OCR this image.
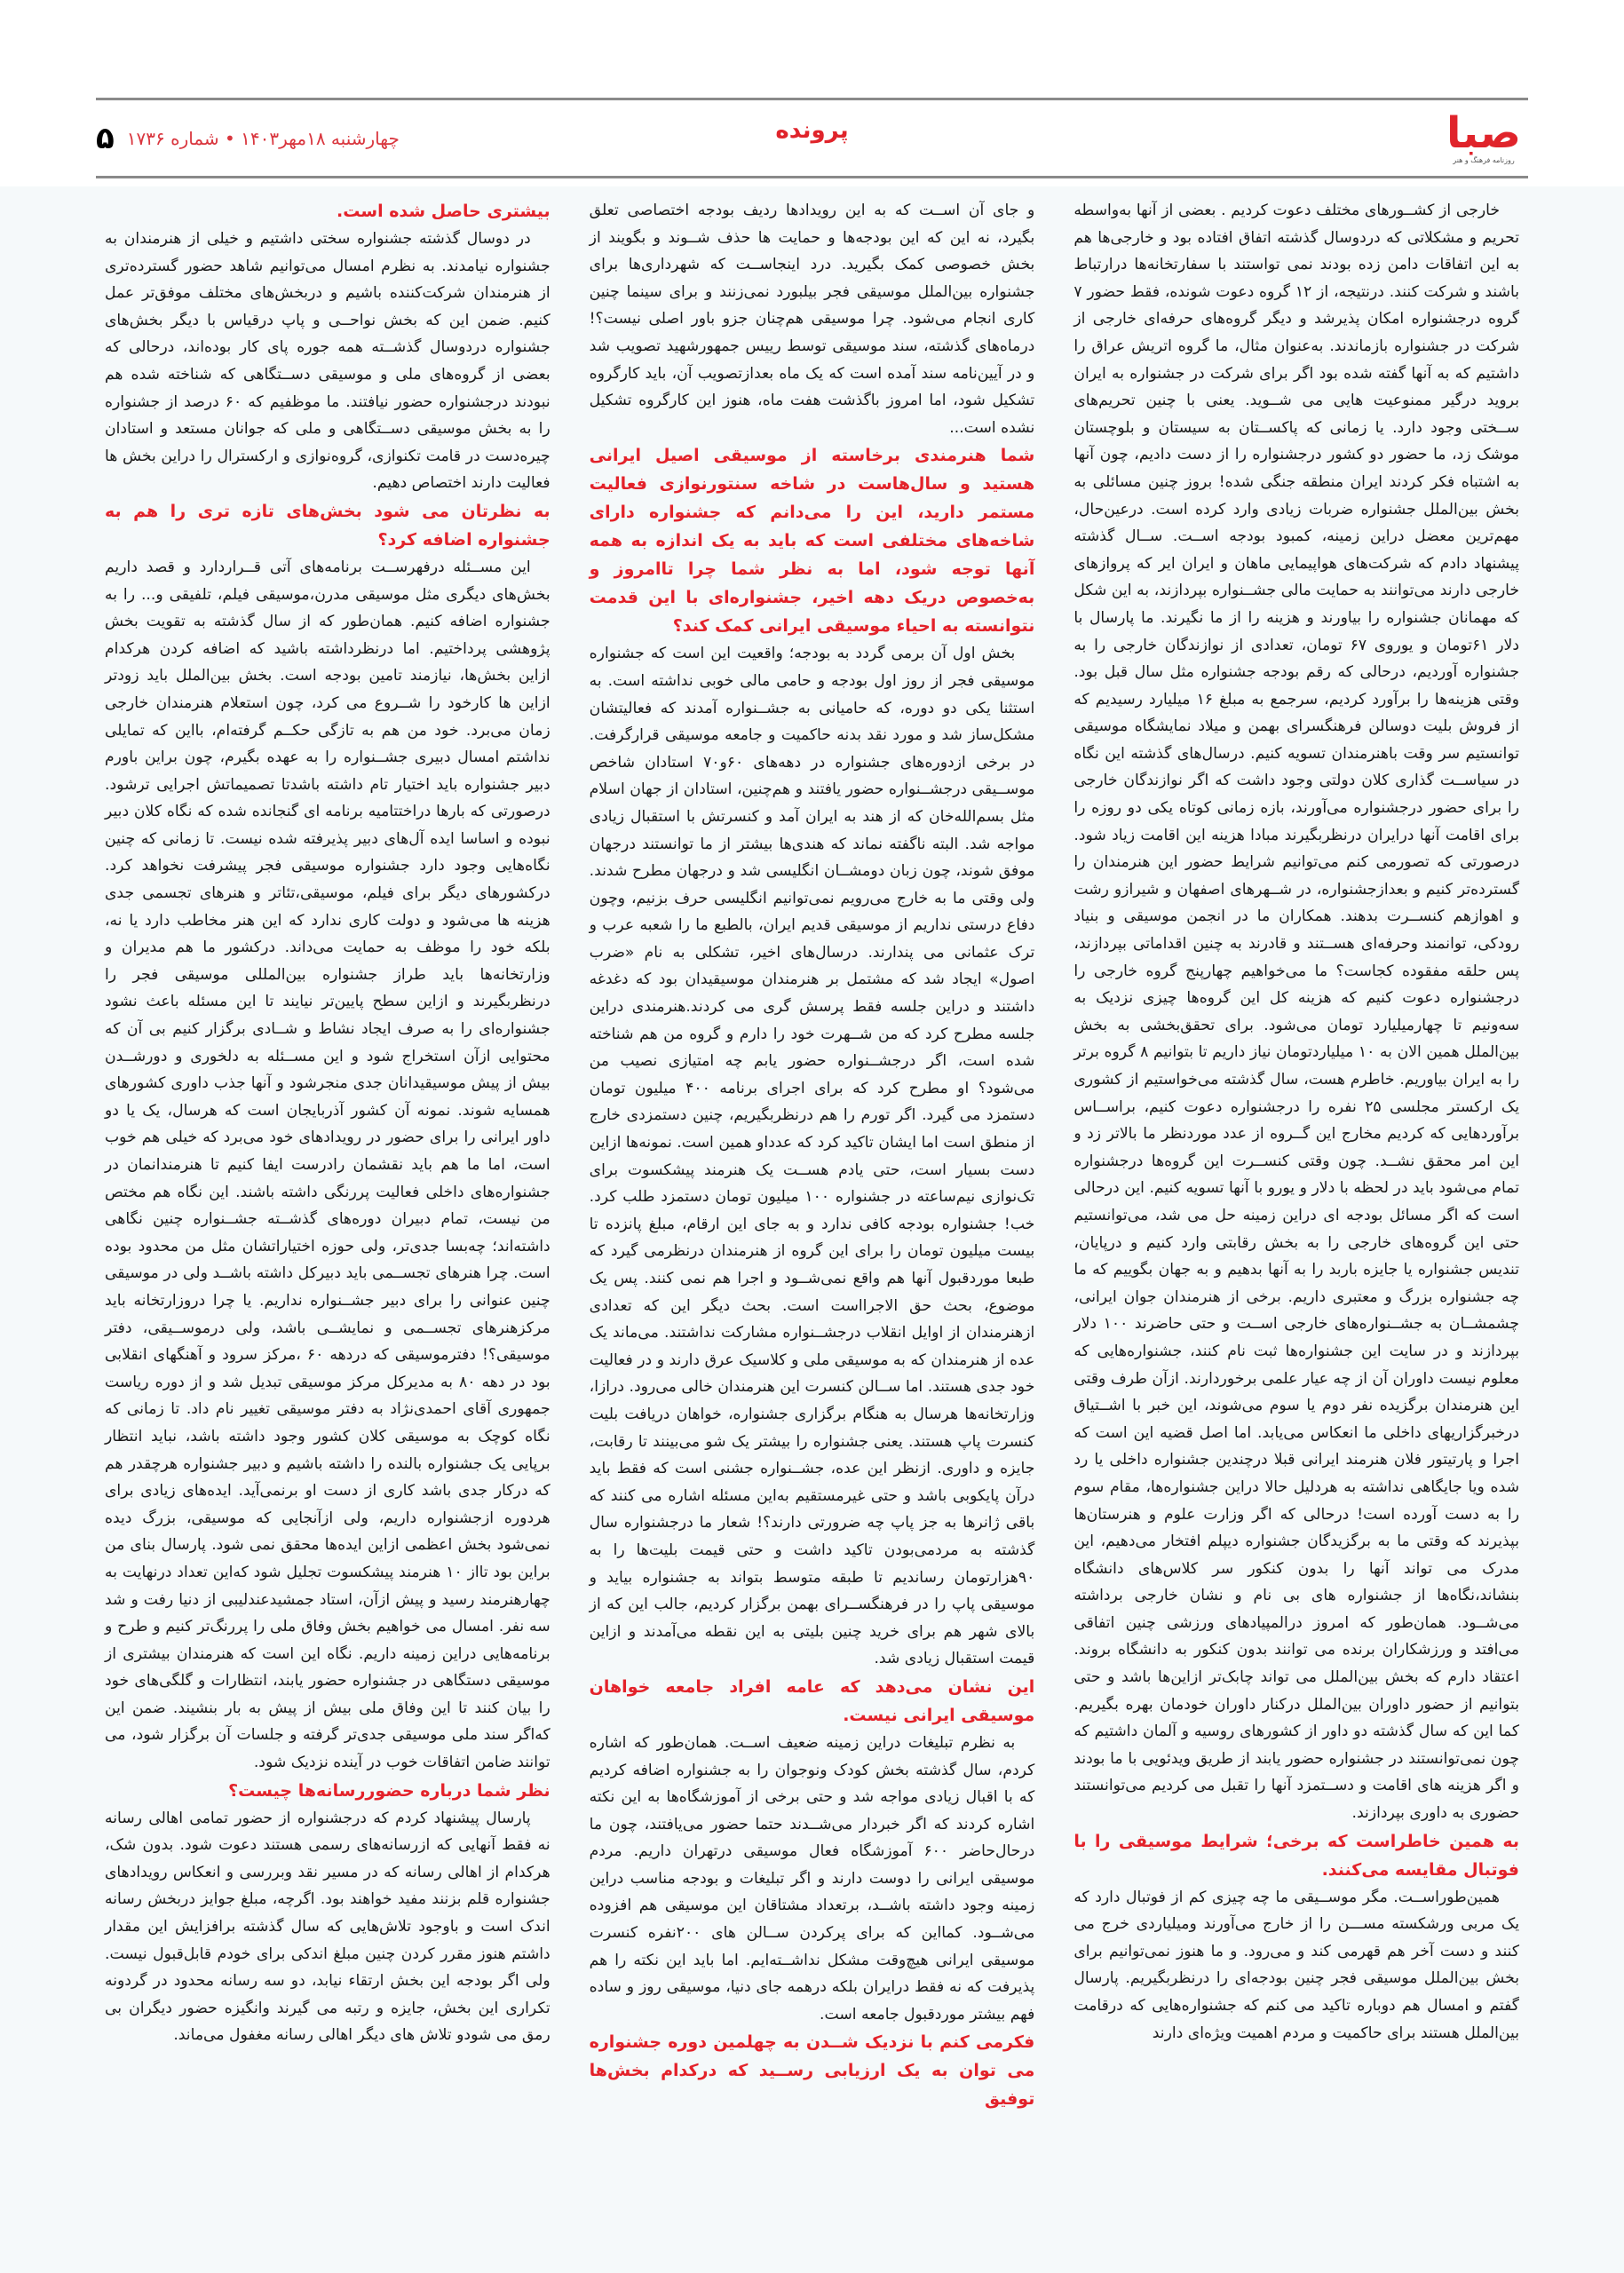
صبا
روزنامه فرهنگ و هنر
پرونده
چهارشنبه ۱۸مهر۱۴۰۳ • شماره ۱۷۳۶
۵

خارجی از کشــورهای مختلف دعوت کردیم . بعضی از آنها به‌واسطه تحریم و مشکلاتی که دردوسال گذشته اتفاق افتاده بود و خارجی‌ها هم به این اتفاقات دامن زده بودند نمی‌ تواستند با سفارتخانه‌ها درارتباط باشند و شرکت کنند. درنتیجه، از ۱۲ گروه دعوت شونده، فقط حضور ۷ گروه درجشنواره امکان پذیرشد و دیگر گروه‌های حرفه‌ای خارجی از شرکت در جشنواره بازماندند. به‌عنوان مثال، ما گروه اتریش عراق را داشتیم که به آنها گفته شده بود اگر برای شرکت در جشنواره به ایران بروید درگیر ممنوعیت هایی می شــوید. یعنی با چنین تحریم‌های ســختی وجود دارد. یا زمانی که پاکســتان به سیستان و بلوچستان موشک زد، ما حضور دو کشور درجشنواره را از دست دادیم، چون آنها به اشتباه فکر کردند ایران منطقه جنگی شده! بروز چنین مسائلی به بخش بین‌الملل جشنواره ضربات زیادی وارد کرده است. درعین‌حال، مهم‌ترین معضل دراین زمینه، کمبود بودجه اســت. ســال گذشته پیشنهاد دادم که شرکت‌های هواپیمایی ماهان و ایران ایر که پروازهای خارجی دارند می‌توانند به حمایت مالی جشــنواره بپردازند، به این شکل که مهمانان جشنواره را بیاورند و هزینه را از ما نگیرند. ما پارسال با دلار ۶۱تومان و یوروی ۶۷ تومان، تعدادی از نوازندگان خارجی را به جشنواره آوردیم، درحالی که رقم بودجه جشنواره مثل سال قبل بود. وقتی هزینه‌ها را برآورد کردیم، سرجمع به مبلغ ۱۶ میلیارد رسیدیم که از فروش بلیت دوسالن فرهنگسرای بهمن و میلاد نمایشگاه موسیقی توانستیم سر وقت باهنرمندان تسویه کنیم. درسال‌های گذشته این نگاه در سیاســت گذاری کلان دولتی وجود داشت که اگر نوازندگان خارجی را برای حضور درجشنواره می‌آورند، بازه زمانی کوتاه یکی دو روزه را برای اقامت آنها درایران درنظربگیرند مبادا هزینه این اقامت زیاد شود. درصورتی که تصورمی کنم می‌توانیم شرایط حضور این هنرمندان را گسترده‌تر کنیم و بعدازجشنواره، در شــهرهای اصفهان و شیرازو رشت و اهوازهم کنســرت بدهند. همکاران ما در انجمن موسیقی و بنیاد رودکی، توانمند وحرفه‌ای هســتند و قادرند به چنین اقداماتی بپردازند، پس حلقه مفقوده کجاست؟ ما می‌خواهیم چهارپنج گروه خارجی را درجشنواره دعوت کنیم که هزینه کل این گروه‌ها چیزی نزدیک به سه‌ونیم تا چهارمیلیارد تومان می‌شود. برای تحقق‌بخشی به بخش بین‌الملل همین الان به ۱۰ میلیاردتومان نیاز داریم تا بتوانیم ۸ گروه برتر را به ایران بیاوریم. خاطرم هست، سال گذشته می‌خواستیم از کشوری یک ارکستر مجلسی ۲۵ نفره را درجشنواره دعوت کنیم، براســاس برآوردهایی که کردیم مخارج این گــروه از عدد موردنظر ما بالاتر زد و این امر محقق نشــد. چون وقتی کنســرت این گروه‌ها درجشنواره تمام می‌شود باید در لحظه با دلار و یورو با آنها تسویه کنیم. این درحالی است که اگر مسائل بودجه ای دراین زمینه حل می شد، می‌توانستیم حتی این گروه‌های خارجی را به بخش رقابتی وارد کنیم و درپایان، تندیس جشنواره یا جایزه باربد را به آنها بدهیم و به جهان بگوییم که ما چه جشنواره بزرگ و معتبری داریم. برخی از هنرمندان جوان ایرانی، چشمشــان به جشــنواره‌های خارجی اســت و حتی حاضرند ۱۰۰ دلار بپردازند و در سایت این جشنواره‌ها ثبت نام کنند، جشنواره‌هایی که معلوم نیست داوران آن از چه عیار علمی برخوردارند. ازآن طرف وقتی این هنرمندان برگزیده نفر دوم یا سوم می‌شوند، این خبر با اشــتیاق درخبرگزاریهای داخلی ما انعکاس می‌یابد. اما اصل قضیه این است که اجرا و پارتیتور فلان هنرمند ایرانی قبلا درچندین جشنواره داخلی یا رد شده ویا جایگاهی نداشته به هردلیل حالا دراین جشنواره‌ها، مقام سوم را به دست آورده است! درحالی که اگر وزارت علوم و هنرستان‌ها بپذیرند که وقتی ما به برگزیدگان جشنواره دیپلم افتخار می‌دهیم، این مدرک می‌ تواند آنها را بدون کنکور سر کلاس‌های دانشگاه بنشاند،نگاه‌ها از جشنواره های بی نام و نشان خارجی برداشته می‌شــود. همان‌طور که امروز درالمپیادهای ورزشی چنین اتفاقی می‌افتد و ورزشکاران برنده می توانند بدون کنکور به دانشگاه بروند. اعتقاد دارم که بخش بین‌الملل می تواند چابک‌تر ازاین‌ها باشد و حتی بتوانیم از حضور داوران بین‌الملل درکنار داوران خودمان بهره بگیریم. کما این که سال گذشته دو داور از کشورهای روسیه و آلمان داشتیم که چون نمی‌توانستند در جشنواره حضور یابند از طریق ویدئویی با ما بودند و اگر هزینه های اقامت و دســتمزد آنها را تقبل می کردیم می‌توانستند حضوری به داوری بپردازند.

به همین خاطراست که برخی؛ شرایط موسیقی را با فوتبال مقایسه می‌کنند.

همین‌طوراســت. مگر موســیقی ما چه چیزی کم از فوتبال دارد که یک مربی ورشکسته مســـن را از خارج می‌آورند ومیلیاردی خرج می کنند و دست آخر هم قهرمی کند و می‌رود. و ما هنوز نمی‌توانیم برای بخش بین‌الملل موسیقی فجر چنین بودجه‌ای را درنظربگیریم. پارسال گفتم و امسال هم دوباره تاکید می کنم که جشنواره‌هایی که درقامت بین‌الملل هستند برای حاکمیت و مردم اهمیت ویژه‌ای دارند

و جای آن اســت که به این رویدادها ردیف بودجه اختصاصی تعلق بگیرد، نه این که این بودجه‌ها و حمایت ها حذف شــوند و بگویند از بخش خصوصی کمک بگیرید. درد اینجاســت که شهرداری‌ها برای جشنواره بین‌الملل موسیقی فجر بیلبورد نمی‌زنند و برای سینما چنین کاری انجام می‌شود. چرا موسیقی هم‌چنان جزو باور اصلی نیست؟! درماه‌های گذشته، سند موسیقی توسط رییس جمهورشهید تصویب شد و در آیین‌نامه سند آمده است که یک ماه بعدازتصویب آن، باید کارگروه تشکیل شود، اما امروز باگذشت هفت ماه، هنوز این کارگروه تشکیل نشده است...

شما هنرمندی برخاسته از موسیقی اصیل ایرانی هستید و سال‌هاست در شاخه سنتورنوازی فعالیت مستمر دارید، این را می‌دانم که جشنواره دارای شاخه‌های مختلفی است که باید به یک اندازه به همه آنها توجه شود، اما به نظر شما چرا تاامروز و به‌خصوص دریک دهه اخیر، جشنواره‌ای با این قدمت نتوانسته به احیاء موسیقی ایرانی کمک کند؟

بخش اول آن برمی گردد به بودجه؛ واقعیت این است که جشنواره موسیقی فجر از روز اول بودجه و حامی مالی خوبی نداشته است. به استثنا یکی دو دوره، که حامیانی به جشــنواره آمدند که فعالیتشان مشکل‌ساز شد و مورد نقد بدنه حاکمیت و جامعه موسیقی قرارگرفت. در برخی ازدوره‌های جشنواره در دهه‌های ۶۰و۷۰ استادان شاخص موســیقی درجشــنواره حضور یافتند و هم‌چنین، استادان از جهان اسلام مثل بسم‌الله‌خان که از هند به ایران آمد و کنسرتش با استقبال زیادی مواجه شد. البته ناگفته نماند که هندی‌ها بیشتر از ما توانستند درجهان موفق شوند، چون زبان دومشــان انگلیسی شد و درجهان مطرح شدند. ولی وقتی ما به خارج می‌رویم نمی‌توانیم انگلیسی حرف بزنیم، وچون دفاع درستی نداریم از موسیقی قدیم ایران، بالطبع ما را شعبه عرب و ترک عثمانی می پندارند. درسال‌های اخیر، تشکلی به نام «ضرب اصول» ایجاد شد که مشتمل بر هنرمندان موسیقیدان بود که دغدغه داشتند و دراین جلسه فقط پرسش گری می کردند.هنرمندی دراین جلسه مطرح کرد که من شــهرت خود را دارم و گروه من هم شناخته شده است، اگر درجشــنواره حضور یابم چه امتیازی نصیب من می‌شود؟ او مطرح کرد که برای اجرای برنامه ۴۰۰ میلیون تومان دستمزد می گیرد. اگر تورم را هم درنظربگیریم، چنین دستمزدی خارج از منطق است اما ایشان تاکید کرد که عدداو همین است. نمونه‌ها ازاین دست بسیار است، حتی یادم هســت یک هنرمند پیشکسوت برای تک‌نوازی نیم‌ساعته در جشنواره ۱۰۰ میلیون تومان دستمزد طلب کرد. خب! جشنواره بودجه کافی ندارد و به جای این ارقام، مبلغ پانزده تا بیست میلیون تومان را برای این گروه از هنرمندان درنظرمی گیرد که طبعا موردقبول آنها هم واقع نمی‌شــود و اجرا هم نمی کنند. پس یک موضوع، بحث حق الاجرااست است. بحث دیگر این که تعدادی ازهنرمندان از اوایل انقلاب درجشــنواره مشارکت نداشتند. می‌ماند یک عده از هنرمندان که به موسیقی ملی و کلاسیک عرق دارند و در فعالیت خود جدی هستند. اما ســالن کنسرت این هنرمندان خالی می‌رود. درازا، وزارتخانه‌ها هرسال به هنگام برگزاری جشنواره، خواهان دریافت بلیت کنسرت پاپ هستند. یعنی جشنواره را بیشتر یک شو می‌بینند تا رقابت، جایزه و داوری. ازنظر این عده، جشــنواره جشنی است که فقط باید درآن پایکوبی باشد و حتی غیرمستقیم به‌این مسئله اشاره می کنند که باقی ژانرها به جز پاپ چه ضرورتی دارند؟! شعار ما درجشنواره سال گذشته به مردمی‌بودن تاکید داشت و حتی قیمت بلیت‌ها را به ۹۰هزارتومان رساندیم تا طبقه متوسط بتواند به جشنواره بیاید و موسیقی پاپ را در فرهنگســرای بهمن برگزار کردیم، جالب این که از بالای شهر هم برای خرید چنین بلیتی به این نقطه می‌آمدند و ازاین قیمت استقبال زیادی شد.

این نشان می‌دهد که عامه افراد جامعه خواهان موسیقی ایرانی نیست.

به نظرم تبلیغات دراین زمینه ضعیف اســت. همان‌طور که اشاره کردم، سال گذشته بخش کودک ونوجوان را به جشنواره اضافه کردیم که با اقبال زیادی مواجه شد و حتی برخی از آموزشگاه‌ها به این نکته اشاره کردند که اگر خبردار می‌شــدند حتما حضور می‌یافتند، چون ما درحال‌حاضر ۶۰۰ آموزشگاه فعال موسیقی درتهران داریم. مردم موسیقی ایرانی را دوست دارند و اگر تبلیغات و بودجه مناسب دراین زمینه وجود داشته باشــد، برتعداد مشتاقان این موسیقی هم افزوده می‌شــود. کمااین که برای پرکردن ســالن های ۲۰۰نفره کنسرت موسیقی ایرانی هیچ‌وقت مشکل نداشــته‌ایم. اما باید این نکته را هم پذیرفت که نه فقط درایران بلکه درهمه جای دنیا، موسیقی روز و ساده فهم بیشتر موردقبول جامعه است.

فکرمی کنم با نزدیک شــدن به چهلمین دوره جشنواره می توان به یک ارزیابی رســید که درکدام بخش‌ها توفیق

بیشتری حاصل شده است.

در دوسال گذشته جشنواره سختی داشتیم و خیلی از هنرمندان به جشنواره نیامدند. به نظرم امسال می‌توانیم شاهد حضور گسترده‌تری از هنرمندان شرکت‌کننده باشیم و دربخش‌های مختلف موفق‌تر عمل کنیم. ضمن این که بخش نواحــی و پاپ درقیاس با دیگر بخش‌های جشنواره دردوسال گذشــته همه جوره پای کار بوده‌اند، درحالی که بعضی از گروه‌های ملی و موسیقی دســتگاهی که شناخته شده هم نبودند درجشنواره حضور نیافتند. ما موظفیم که ۶۰ درصد از جشنواره را به بخش موسیقی دســتگاهی و ملی که جوانان مستعد و استادان چیره‌دست در قامت تکنوازی، گروه‌نوازی و ارکسترال را دراین بخش ها فعالیت دارند اختصاص دهیم.

به نظرتان می شود بخش‌های تازه تری را هم به جشنواره اضافه کرد؟

این مســئله درفهرســت برنامه‌های آتی قــراردارد و قصد داریم بخش‌های دیگری مثل موسیقی مدرن،موسیقی فیلم، تلفیقی و... را به جشنواره اضافه کنیم. همان‌طور که از سال گذشته به تقویت بخش پژوهشی پرداختیم. اما درنظرداشته باشید که اضافه کردن هرکدام ازاین بخش‌ها، نیازمند تامین بودجه است. بخش بین‌الملل باید زودتر ازاین ها کارخود را شــروع می کرد، چون استعلام هنرمندان خارجی زمان می‌برد. خود من هم به تازگی حکــم گرفته‌ام، بااین که تمایلی نداشتم امسال دبیری جشــنواره را به عهده بگیرم، چون براین باورم دبیر جشنواره باید اختیار تام داشته باشدتا تصمیماتش اجرایی ترشود. درصورتی که بارها دراختتامیه برنامه ای گنجانده شده که نگاه کلان دبیر نبوده و اساسا ایده آل‌های دبیر پذیرفته شده نیست. تا زمانی که چنین نگاه‌هایی وجود دارد جشنواره موسیقی فجر پیشرفت نخواهد کرد. درکشورهای دیگر برای فیلم، موسیقی،تئاتر و هنرهای تجسمی جدی هزینه ها می‌شود و دولت کاری ندارد که این هنر مخاطب دارد یا نه، بلکه خود را موظف به حمایت می‌داند. درکشور ما هم مدیران و وزارتخانه‌ها باید طراز جشنواره بین‌المللی موسیقی فجر را درنظربگیرند و ازاین سطح پایین‌تر نیایند تا این مسئله باعث نشود جشنواره‌ای را به صرف ایجاد نشاط و شــادی برگزار کنیم بی آن که محتوایی ازآن استخراج شود و این مســئله به دلخوری و دورشــدن بیش از پیش موسیقیدانان جدی منجرشود و آنها جذب داوری کشورهای همسایه شوند. نمونه آن کشور آذربایجان است که هرسال، یک یا دو داور ایرانی را برای حضور در رویدادهای خود می‌برد که خیلی هم خوب است، اما ما هم باید نقشمان رادرست ایفا کنیم تا هنرمندانمان در جشنواره‌های داخلی فعالیت پررنگی داشته باشند. این نگاه هم مختص من نیست، تمام دبیران دوره‌های گذشــته جشــنواره چنین نگاهی داشته‌اند؛ چه‌بسا جدی‌تر، ولی حوزه اختیاراتشان مثل من محدود بوده است. چرا هنرهای تجســمی باید دبیرکل داشته باشــد ولی در موسیقی چنین عنوانی را برای دبیر جشــنواره نداریم. یا چرا دروزارتخانه باید مرکزهنرهای تجســمی و نمایشــی باشد، ولی درموســیقی، دفتر موسیقی؟! دفترموسیقی که دردهه ۶۰ ،مرکز سرود و آهنگهای انقلابی بود در دهه ۸۰ به مدیرکل مرکز موسیقی تبدیل شد و از دوره ریاست جمهوری آقای احمدی‌نژاد به دفتر موسیقی تغییر نام داد. تا زمانی که نگاه کوچک به موسیقی کلان کشور وجود داشته باشد، نباید انتظار برپایی یک جشنواره بالنده را داشته باشیم و دبیر جشنواره هرچقدر هم که درکار جدی باشد کاری از دست او برنمی‌آید. ایده‌های زیادی برای هردوره ازجشنواره داریم، ولی ازآنجایی که موسیقی، بزرگ دیده نمی‌شود بخش اعظمی ازاین ایده‌ها محقق نمی شود. پارسال بنای من براین بود تااز ۱۰ هنرمند پیشکسوت تجلیل شود که‌این تعداد درنهایت به چهارهنرمند رسید و پیش ازآن، استاد جمشیدعندلیبی از دنیا رفت و شد سه نفر. امسال می خواهیم بخش وفاق ملی را پررنگ‌تر کنیم و طرح و برنامه‌هایی دراین زمینه داریم. نگاه این است که هنرمندان بیشتری از موسیقی دستگاهی در جشنواره حضور یابند، انتظارات و گلگی‌های خود را بیان کنند تا این وفاق ملی بیش از پیش به بار بنشیند. ضمن این که‌اگر سند ملی موسیقی جدی‌تر گرفته و جلسات آن برگزار شود، می توانند ضامن اتفاقات خوب در آینده نزدیک شود.

نظر شما درباره حضوررسانه‌ها چیست؟

پارسال پیشنهاد کردم که درجشنواره از حضور تمامی اهالی رسانه نه فقط آنهایی که ازرسانه‌های رسمی هستند دعوت شود. بدون شک، هرکدام از اهالی رسانه که در مسیر نقد وبررسی و انعکاس رویدادهای جشنواره قلم بزنند مفید خواهند بود. اگرچه، مبلغ جوایز دربخش رسانه اندک است و باوجود تلاش‌هایی که سال گذشته برافزایش این مقدار داشتم هنوز مقرر کردن چنین مبلغ اندکی برای خودم قابل‌قبول نیست. ولی اگر بودجه این بخش ارتقاء نیابد، دو سه رسانه محدود در گردونه تکراری این بخش، جایزه و رتبه می گیرند وانگیزه حضور دیگران بی رمق می شودو تلاش های دیگر اهالی رسانه مغفول می‌ماند.
